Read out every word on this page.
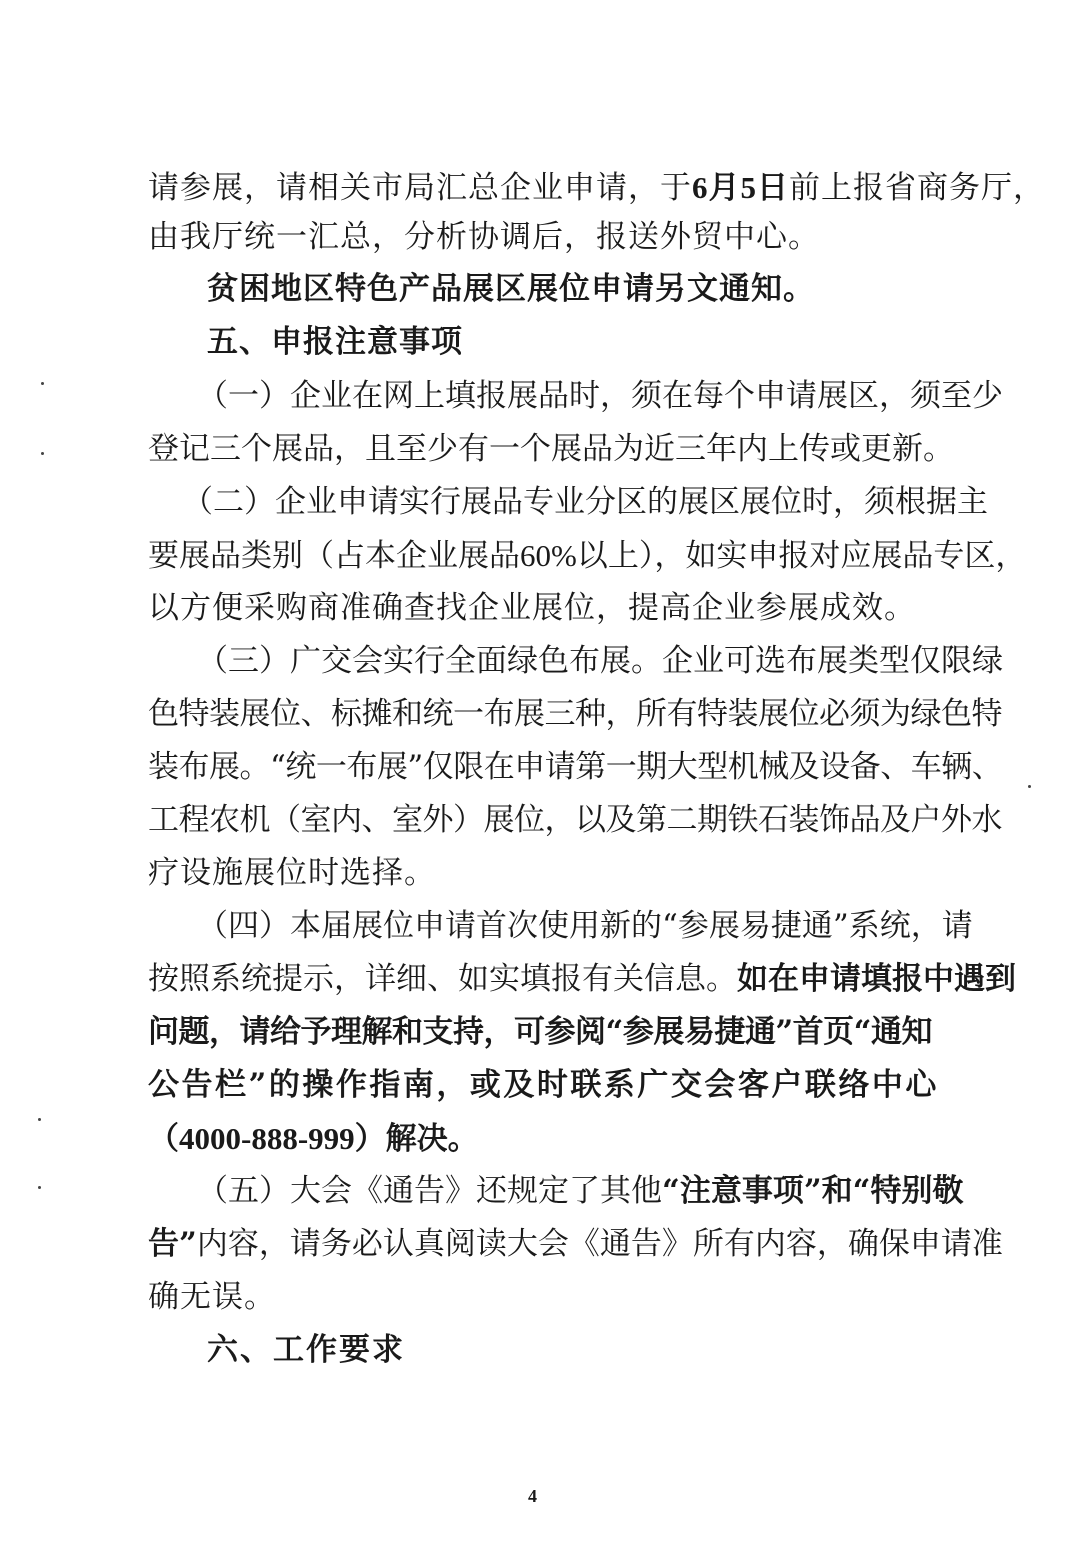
请参展，请相关市局汇总企业申请，于6月5日前上报省商务厅，
由我厅统一汇总，分析协调后，报送外贸中心。
贫困地区特色产品展区展位申请另文通知。
五、申报注意事项
（一）企业在网上填报展品时，须在每个申请展区，须至少
登记三个展品，且至少有一个展品为近三年内上传或更新。
（二）企业申请实行展品专业分区的展区展位时，须根据主
要展品类别（占本企业展品60%以上），如实申报对应展品专区，
以方便采购商准确查找企业展位，提高企业参展成效。
（三）广交会实行全面绿色布展。企业可选布展类型仅限绿
色特装展位、标摊和统一布展三种，所有特装展位必须为绿色特
装布展。“统一布展”仅限在申请第一期大型机械及设备、车辆、
工程农机（室内、室外）展位，以及第二期铁石装饰品及户外水
疗设施展位时选择。
（四）本届展位申请首次使用新的“参展易捷通”系统，请
按照系统提示，详细、如实填报有关信息。如在申请填报中遇到
问题，请给予理解和支持，可参阅“参展易捷通”首页“通知
公告栏”的操作指南，或及时联系广交会客户联络中心
（4000-888-999）解决。
（五）大会《通告》还规定了其他“注意事项”和“特别敬
告”内容，请务必认真阅读大会《通告》所有内容，确保申请准
确无误。
六、工作要求
4
